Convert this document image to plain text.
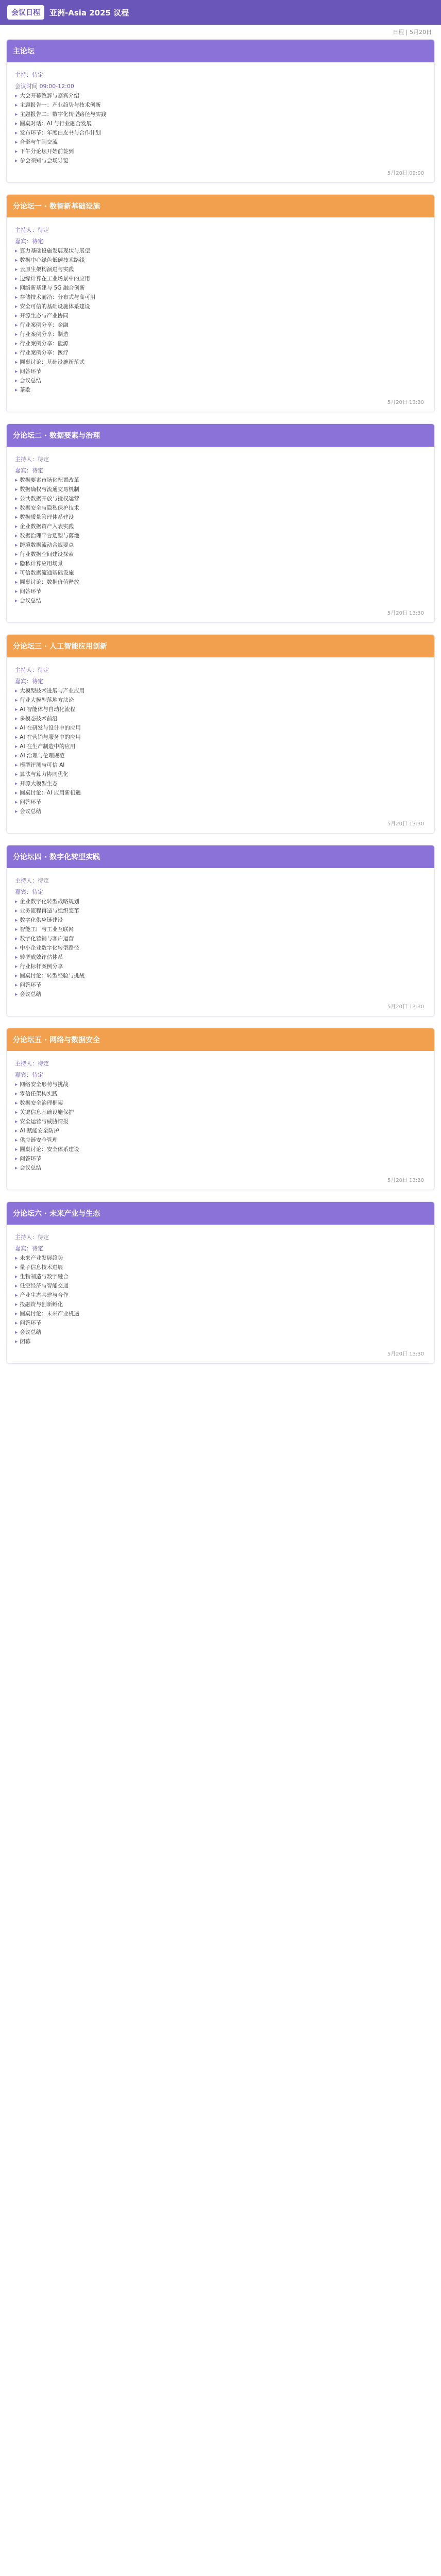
会议日程	亚洲-Asia 2025 议程
日程 | 5月20日
主论坛
主持：待定
会议时间 09:00-12:00
▸ 大会开幕致辞与嘉宾介绍
▸ 主题报告一：产业趋势与技术创新
▸ 主题报告二：数字化转型路径与实践
▸ 圆桌对话：AI 与行业融合发展
▸ 发布环节：年度白皮书与合作计划
▸ 合影与午间交流
▸ 下午分论坛开始前签到
▸ 参会须知与会场导览
5月20日 09:00
分论坛一 · 数智新基础设施
主持人：待定
嘉宾：待定
▸ 算力基础设施发展现状与展望
▸ 数据中心绿色低碳技术路线
▸ 云原生架构演进与实践
▸ 边缘计算在工业场景中的应用
▸ 网络新基建与 5G 融合创新
▸ 存储技术前沿：分布式与高可用
▸ 安全可信的基础设施体系建设
▸ 开源生态与产业协同
▸ 行业案例分享：金融
▸ 行业案例分享：制造
▸ 行业案例分享：能源
▸ 行业案例分享：医疗
▸ 圆桌讨论：基础设施新范式
▸ 问答环节
▸ 会议总结
▸ 茶歇
5月20日 13:30
分论坛二 · 数据要素与治理
主持人：待定
嘉宾：待定
▸ 数据要素市场化配置改革
▸ 数据确权与流通交易机制
▸ 公共数据开放与授权运营
▸ 数据安全与隐私保护技术
▸ 数据质量管理体系建设
▸ 企业数据资产入表实践
▸ 数据治理平台选型与落地
▸ 跨境数据流动合规要点
▸ 行业数据空间建设探索
▸ 隐私计算应用场景
▸ 可信数据流通基础设施
▸ 圆桌讨论：数据价值释放
▸ 问答环节
▸ 会议总结
5月20日 13:30
分论坛三 · 人工智能应用创新
主持人：待定
嘉宾：待定
▸ 大模型技术进展与产业应用
▸ 行业大模型落地方法论
▸ AI 智能体与自动化流程
▸ 多模态技术前沿
▸ AI 在研发与设计中的应用
▸ AI 在营销与服务中的应用
▸ AI 在生产制造中的应用
▸ AI 治理与伦理规范
▸ 模型评测与可信 AI
▸ 算法与算力协同优化
▸ 开源大模型生态
▸ 圆桌讨论：AI 应用新机遇
▸ 问答环节
▸ 会议总结
5月20日 13:30
分论坛四 · 数字化转型实践
主持人：待定
嘉宾：待定
▸ 企业数字化转型战略规划
▸ 业务流程再造与组织变革
▸ 数字化供应链建设
▸ 智能工厂与工业互联网
▸ 数字化营销与客户运营
▸ 中小企业数字化转型路径
▸ 转型成效评估体系
▸ 行业标杆案例分享
▸ 圆桌讨论：转型经验与挑战
▸ 问答环节
▸ 会议总结
5月20日 13:30
分论坛五 · 网络与数据安全
主持人：待定
嘉宾：待定
▸ 网络安全形势与挑战
▸ 零信任架构实践
▸ 数据安全治理框架
▸ 关键信息基础设施保护
▸ 安全运营与威胁情报
▸ AI 赋能安全防护
▸ 供应链安全管理
▸ 圆桌讨论：安全体系建设
▸ 问答环节
▸ 会议总结
5月20日 13:30
分论坛六 · 未来产业与生态
主持人：待定
嘉宾：待定
▸ 未来产业发展趋势
▸ 量子信息技术进展
▸ 生物制造与数字融合
▸ 低空经济与智能交通
▸ 产业生态共建与合作
▸ 投融资与创新孵化
▸ 圆桌讨论：未来产业机遇
▸ 问答环节
▸ 会议总结
▸ 闭幕
5月20日 13:30
